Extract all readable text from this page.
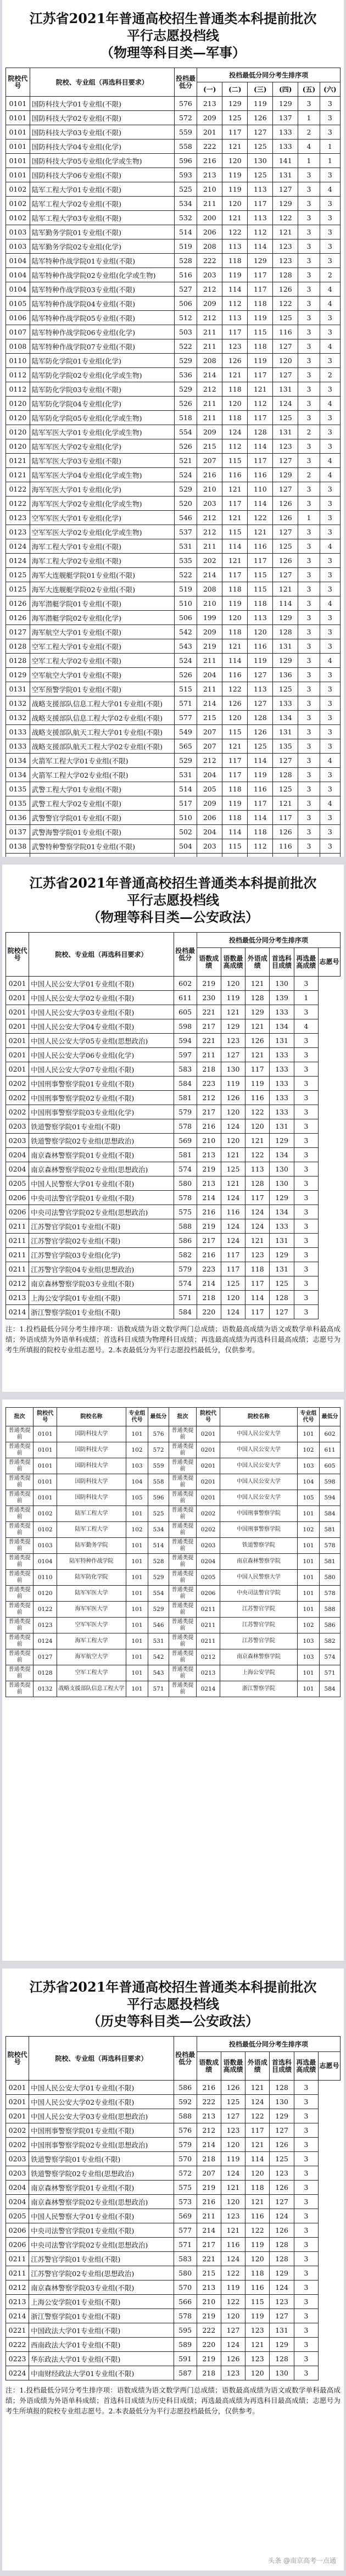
江苏省2021年普通高校招生普通类本科提前批次
平行志愿投档线
（物理等科目类—军事）
院校代号	院校、专业组（再选科目要求）	投档最低分	投档最低分同分考生排序项					
			(一)	(二)	(三)	(四)	(五)	(六)
0101	国防科技大学01专业组(不限)	576	213	129	119	129	3	3
0101	国防科技大学02专业组(不限)	572	209	125	126	137	1	3
0101	国防科技大学03专业组(不限)	559	201	117	127	133	2	3
0101	国防科技大学04专业组(化学)	558	222	121	125	133	4	1
0101	国防科技大学05专业组(化学或生物)	596	216	120	130	141	1	1
0101	国防科技大学06专业组(不限)	593	213	119	125	131	3	3
0102	陆军工程大学01专业组(不限)	525	210	119	113	127	3	4
0102	陆军工程大学02专业组(不限)	534	211	120	117	129	3	3
0102	陆军工程大学03专业组(不限)	532	200	121	113	122	3	3
0103	陆军勤务学院01专业组(不限)	514	206	122	112	121	3	3
0103	陆军勤务学院02专业组(化学)	519	208	113	114	123	3	3
0104	陆军特种作战学院01专业组(不限)	528	222	118	129	123	3	3
0104	陆军特种作战学院02专业组(化学或生物)	516	203	119	117	128	3	2
0104	陆军特种作战学院03专业组(不限)	527	212	114	117	126	3	4
0105	陆军特种作战学院04专业组(不限)	506	209	112	118	122	3	4
0106	陆军特种作战学院05专业组(不限)	512	212	113	119	125	3	3
0107	陆军特种作战学院06专业组(化学)	503	211	117	115	116	3	3
0108	陆军特种作战学院07专业组(不限)	522	211	123	118	127	3	4
0110	陆军防化学院01专业组(化学)	529	208	126	119	120	3	3
0112	陆军防化学院02专业组(化学或生物)	536	214	121	117	127	3	2
0112	陆军防化学院03专业组(不限)	529	212	118	121	131	3	3
0120	陆军防化学院04专业组(化学)	526	211	120	112	124	3	4
0120	陆军防化学院05专业组(化学或生物)	518	211	118	117	125	3	3
0120	陆军军医大学01专业组(化学或生物)	554	209	124	128	131	2	3
0120	陆军军医大学02专业组(化学)	526	215	112	114	123	3	3
0121	陆军军医大学03专业组(不限)	521	207	115	117	127	3	4
0121	陆军军医大学04专业组(化学或生物)	524	216	116	116	129	2	4
0122	海军军医大学01专业组(化学)	529	210	121	110	127	3	3
0122	海军军医大学02专业组(化学或生物)	520	203	117	114	126	3	3
0123	空军军医大学01专业组(化学)	546	212	121	122	126	1	3
0123	空军军医大学02专业组(化学或生物)	537	212	115	121	127	3	3
0124	海军工程大学01专业组(不限)	531	211	114	116	125	3	4
0124	海军工程大学02专业组(不限)	535	202	121	117	126	3	3
0125	海军大连舰艇学院01专业组(不限)	522	214	117	115	127	3	3
0125	海军大连舰艇学院02专业组(不限)	519	208	118	115	121	3	3
0126	海军潜艇学院01专业组(不限)	510	210	119	118	114	3	4
0126	海军潜艇学院02专业组(化学)	506	199	120	113	129	3	3
0127	海军航空大学01专业组(不限)	542	209	118	120	128	3	3
0128	空军工程大学01专业组(不限)	543	219	121	116	131	3	3
0128	空军工程大学02专业组(不限)	524	211	114	119	129	3	4
0129	空军航空大学01专业组(不限)	526	204	116	127	136	3	3
0131	空军预警学院01专业组(不限)	515	211	122	113	125	3	3
0132	战略支援部队信息工程大学01专业组(不限)	571	214	126	127	133	3	3
0132	战略支援部队信息工程大学02专业组(不限)	577	215	120	128	134	3	3
0133	战略支援部队航天工程大学01专业组(不限)	549	207	115	126	131	3	3
0133	战略支援部队航天工程大学02专业组(不限)	565	207	121	125	135	3	3
0134	火箭军工程大学01专业组(不限)	529	212	117	114	127	3	4
0134	火箭军工程大学02专业组(不限)	531	204	117	119	128	3	3
0135	武警工程大学01专业组(不限)	514	205	118	116	125	3	3
0135	武警工程大学02专业组(不限)	517	209	119	117	121	3	4
0136	武警警官学院01专业组(不限)	510	206	118	114	117	3	3
0137	武警海警学院01专业组(不限)	502	204	114	118	126	3	3
0138	武警特种警察学院01专业组(不限)	504	203	115	112	116	3	3

江苏省2021年普通高校招生普通类本科提前批次
平行志愿投档线
（物理等科目类—公安政法）
院校代号	院校、专业组（再选科目要求）	投档最低分	投档最低分同分考生排序项					
			语数成绩	语数最高成绩	外语成绩	首选科目成绩	再选最高成绩	志愿号
0201	中国人民公安大学01专业组(不限)	602	219	120	121	130	3	
0201	中国人民公安大学02专业组(不限)	611	230	119	128	139	1	
0201	中国人民公安大学03专业组(不限)	605	221	121	129	133	3	
0201	中国人民公安大学04专业组(不限)	598	217	129	121	134	4	
0201	中国人民公安大学05专业组(思想政治)	594	221	123	126	131	3	
0201	中国人民公安大学06专业组(化学)	597	211	127	121	133	3	
0201	中国人民公安大学07专业组(不限)	583	218	130	117	133	3	
0202	中国刑事警察学院01专业组(不限)	584	223	119	119	133	3	
0202	中国刑事警察学院02专业组(不限)	581	212	126	116	133	3	
0202	中国刑事警察学院03专业组(化学)	579	217	120	122	133	3	
0203	铁道警察学院01专业组(不限)	578	216	124	120	131	3	
0203	铁道警察学院02专业组(思想政治)	569	210	120	121	129	3	
0204	南京森林警察学院01专业组(不限)	581	213	121	122	134	3	
0204	南京森林警察学院02专业组(思想政治)	574	219	125	113	130	3	
0205	中国人民警察大学01专业组(不限)	580	213	121	128	130	3	
0206	中央司法警官学院01专业组(不限)	578	214	124	117	129	3	
0206	中央司法警官学院02专业组(思想政治)	575	216	116	124	134	3	
0211	江苏警官学院01专业组(不限)	588	219	124	124	133	3	
0211	江苏警官学院02专业组(不限)	586	217	124	121	131	3	
0211	江苏警官学院03专业组(化学)	582	216	117	123	129	3	
0211	江苏警官学院04专业组(思想政治)	579	223	117	118	131	3	
0212	南京森林警察学院03专业组(不限)	574	214	125	117	125	3	
0213	上海公安学院01专业组(不限)	571	218	120	114	128	3	
0214	浙江警察学院01专业组(不限)	584	220	124	117	127	3	
注：1.投档最低分同分考生排序项：语数成绩为语文数学两门总成绩；语数最高成绩为语文或数学单科最高成绩；外语成绩为外语单科成绩；首选科目成绩为物理科目成绩；再选最高成绩为再选科目最高成绩；志愿号为考生所填报的院校专业组志愿号。2.本表最低分为平行志愿投档最低分，仅供参考。
批次	院校代号	院校名称	专业组代号	最低分	批次	院校代号	院校名称	专业组代号	最低分
普通类提前	0101	国防科技大学	101	576	普通类提前	0201	中国人民公安大学	101	602
普通类提前	0101	国防科技大学	102	572	普通类提前	0201	中国人民公安大学	102	611
普通类提前	0101	国防科技大学	103	559	普通类提前	0201	中国人民公安大学	103	605
普通类提前	0101	国防科技大学	104	558	普通类提前	0201	中国人民公安大学	104	598
普通类提前	0101	国防科技大学	105	596	普通类提前	0201	中国人民公安大学	105	594
普通类提前	0102	陆军工程大学	101	525	普通类提前	0202	中国刑事警察学院	101	584
普通类提前	0102	陆军工程大学	102	534	普通类提前	0202	中国刑事警察学院	102	581
普通类提前	0103	陆军勤务学院	101	514	普通类提前	0203	铁道警察学院	101	578
普通类提前	0104	陆军特种作战学院	101	528	普通类提前	0204	南京森林警察学院	101	581
普通类提前	0110	陆军防化学院	101	529	普通类提前	0205	中国人民警察大学	101	580
普通类提前	0120	陆军军医大学	101	554	普通类提前	0206	中央司法警官学院	101	578
普通类提前	0122	海军军医大学	101	529	普通类提前	0211	江苏警官学院	101	588
普通类提前	0123	空军军医大学	101	546	普通类提前	0211	江苏警官学院	102	586
普通类提前	0124	海军工程大学	101	531	普通类提前	0211	江苏警官学院	103	582
普通类提前	0127	海军航空大学	101	542	普通类提前	0212	南京森林警察学院	103	574
普通类提前	0128	空军工程大学	101	543	普通类提前	0213	上海公安学院	101	571
普通类提前	0132	战略支援部队信息工程大学	101	571	普通类提前	0214	浙江警察学院	101	584
江苏省2021年普通高校招生普通类本科提前批次
平行志愿投档线
（历史等科目类—公安政法）
院校代号	院校、专业组（再选科目要求）	投档最低分	投档最低分同分考生排序项					
			语数成绩	语数最高成绩	外语成绩	首选科目成绩	再选最高成绩	志愿号
0201	中国人民公安大学01专业组(不限)	586	216	126	121	128	3	
0201	中国人民公安大学02专业组(不限)	592	222	125	124	130	3	
0201	中国人民公安大学03专业组(思想政治)	588	213	127	122	129	3	
0202	中国刑事警察学院01专业组(不限)	576	212	123	117	127	3	
0202	中国刑事警察学院02专业组(思想政治)	579	214	120	121	126	3	
0203	铁道警察学院01专业组(不限)	570	218	119	114	125	3	
0203	铁道警察学院02专业组(思想政治)	572	207	124	120	123	3	
0204	南京森林警察学院01专业组(不限)	575	219	121	118	126	3	
0204	南京森林警察学院02专业组(思想政治)	573	216	120	121	127	3	
0205	中国人民警察大学01专业组(不限)	569	211	123	116	124	3	
0206	中央司法警官学院01专业组(不限)	577	214	121	122	126	3	
0206	中央司法警官学院02专业组(思想政治)	571	217	116	119	128	3	
0211	江苏警官学院01专业组(不限)	583	221	124	120	128	3	
0211	江苏警官学院02专业组(思想政治)	580	215	122	118	129	3	
0212	南京森林警察学院03专业组(不限)	570	213	119	116	124	3	
0213	上海公安学院01专业组(不限)	566	210	122	115	123	3	
0214	浙江警察学院01专业组(不限)	578	219	120	119	127	3	
0221	中国政法大学01专业组(不限)	595	222	127	123	131	3	
0222	西南政法大学01专业组(不限)	589	220	124	121	129	3	
0223	华东政法大学01专业组(不限)	591	219	126	123	128	3	
0224	中南财经政法大学01专业组(不限)	587	218	123	120	130	3	
注：1.投档最低分同分考生排序项：语数成绩为语文数学两门总成绩；语数最高成绩为语文或数学单科最高成绩；外语成绩为外语单科成绩；首选科目成绩为历史科目成绩；再选最高成绩为再选科目最高成绩；志愿号为考生所填报的院校专业组志愿号。2.本表最低分为平行志愿投档最低分，仅供参考。
头条 @南京高考一点通
